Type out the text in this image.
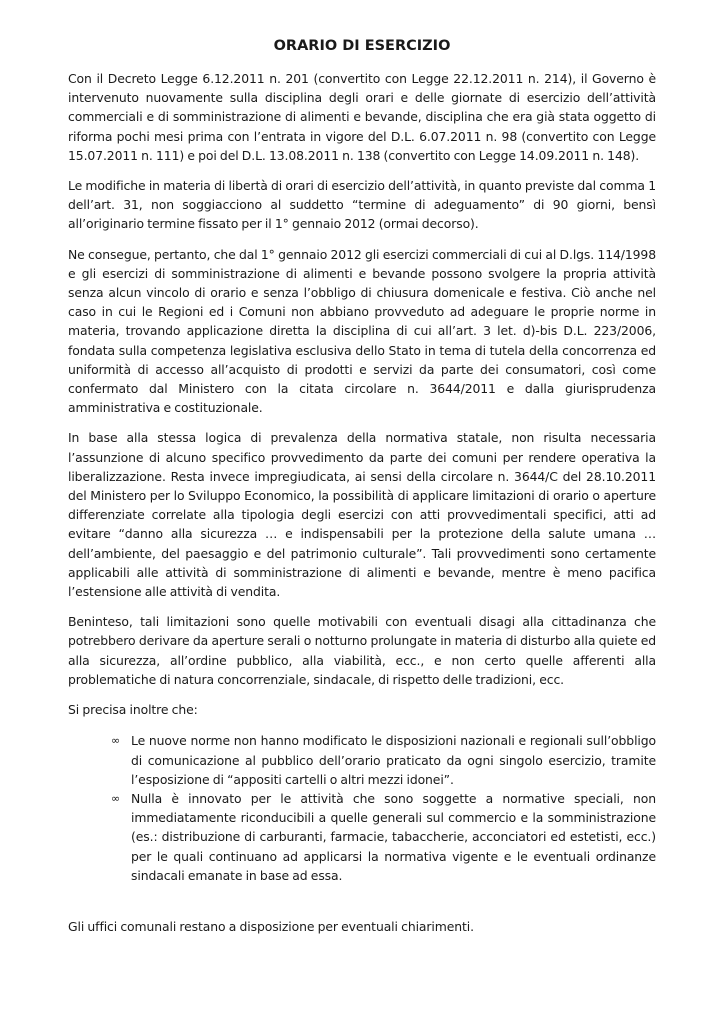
ORARIO DI ESERCIZIO

Con il Decreto Legge 6.12.2011 n. 201 (convertito con Legge 22.12.2011 n. 214), il Governo è intervenuto nuovamente sulla disciplina degli orari e delle giornate di esercizio dell’attività commerciali e di somministrazione di alimenti e bevande, disciplina che era già stata oggetto di riforma pochi mesi prima con l’entrata in vigore del D.L. 6.07.2011 n. 98 (convertito con Legge 15.07.2011 n. 111) e poi del D.L. 13.08.2011 n. 138 (convertito con Legge 14.09.2011 n. 148).

Le modifiche in materia di libertà di orari di esercizio dell’attività, in quanto previste dal comma 1 dell’art. 31, non soggiacciono al suddetto “termine di adeguamento” di 90 giorni, bensì all’originario termine fissato per il 1° gennaio 2012 (ormai decorso).

Ne consegue, pertanto, che dal 1° gennaio 2012 gli esercizi commerciali di cui al D.lgs. 114/1998 e gli esercizi di somministrazione di alimenti e bevande possono svolgere la propria attività senza alcun vincolo di orario e senza l’obbligo di chiusura domenicale e festiva. Ciò anche nel caso in cui le Regioni ed i Comuni non abbiano provveduto ad adeguare le proprie norme in materia, trovando applicazione diretta la disciplina di cui all’art. 3 let. d)-bis D.L. 223/2006, fondata sulla competenza legislativa esclusiva dello Stato in tema di tutela della concorrenza ed uniformità di accesso all’acquisto di prodotti e servizi da parte dei consumatori, così come confermato dal Ministero con la citata circolare n. 3644/2011 e dalla giurisprudenza amministrativa e costituzionale.

In base alla stessa logica di prevalenza della normativa statale, non risulta necessaria l’assunzione di alcuno specifico provvedimento da parte dei comuni per rendere operativa la liberalizzazione. Resta invece impregiudicata, ai sensi della circolare n. 3644/C del 28.10.2011 del Ministero per lo Sviluppo Economico, la possibilità di applicare limitazioni di orario o aperture differenziate correlate alla tipologia degli esercizi con atti provvedimentali specifici, atti ad evitare “danno alla sicurezza … e indispensabili per la protezione della salute umana … dell’ambiente, del paesaggio e del patrimonio culturale”. Tali provvedimenti sono certamente applicabili alle attività di somministrazione di alimenti e bevande, mentre è meno pacifica l’estensione alle attività di vendita.

Beninteso, tali limitazioni sono quelle motivabili con eventuali disagi alla cittadinanza che potrebbero derivare da aperture serali o notturno prolungate in materia di disturbo alla quiete ed alla sicurezza, all’ordine pubblico, alla viabilità, ecc., e non certo quelle afferenti alla problematiche di natura concorrenziale, sindacale, di rispetto delle tradizioni, ecc.

Si precisa inoltre che:

∞ Le nuove norme non hanno modificato le disposizioni nazionali e regionali sull’obbligo di comunicazione al pubblico dell’orario praticato da ogni singolo esercizio, tramite l’esposizione di “appositi cartelli o altri mezzi idonei”.
∞ Nulla è innovato per le attività che sono soggette a normative speciali, non immediatamente riconducibili a quelle generali sul commercio e la somministrazione (es.: distribuzione di carburanti, farmacie, tabaccherie, acconciatori ed estetisti, ecc.) per le quali continuano ad applicarsi la normativa vigente e le eventuali ordinanze sindacali emanate in base ad essa.

Gli uffici comunali restano a disposizione per eventuali chiarimenti.
